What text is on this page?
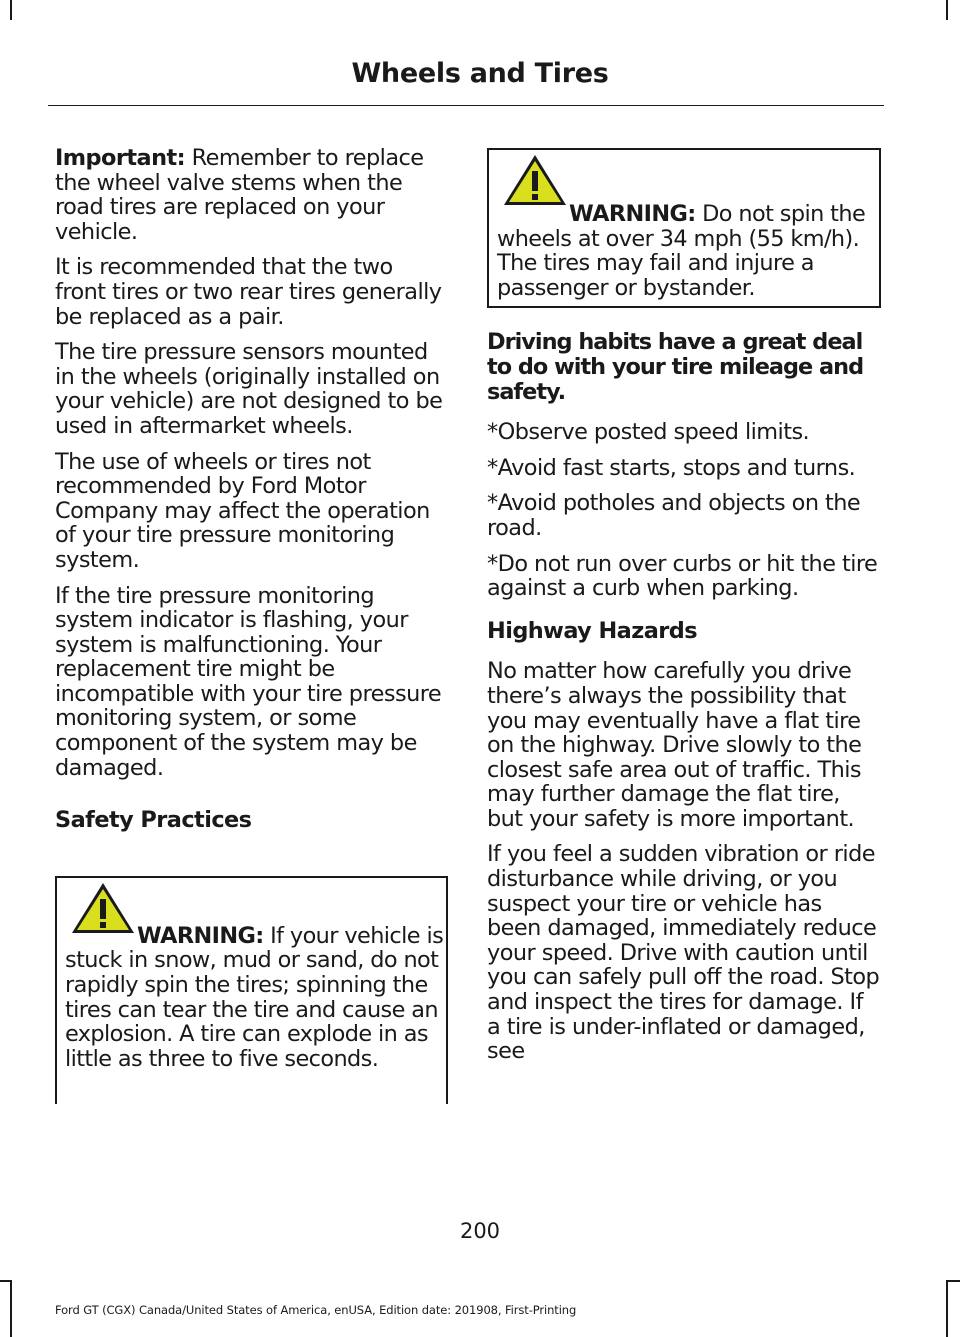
Wheels and Tires

Important: Remember to replace the wheel valve stems when the road tires are replaced on your vehicle.

It is recommended that the two front tires or two rear tires generally be replaced as a pair.

The tire pressure sensors mounted in the wheels (originally installed on your vehicle) are not designed to be used in aftermarket wheels.

The use of wheels or tires not recommended by Ford Motor Company may affect the operation of your tire pressure monitoring system.

If the tire pressure monitoring system indicator is flashing, your system is malfunctioning. Your replacement tire might be incompatible with your tire pressure monitoring system, or some component of the system may be damaged.

Safety Practices
WARNING: If your vehicle is stuck in snow, mud or sand, do not rapidly spin the tires; spinning the tires can tear the tire and cause an explosion. A tire can explode in as little as three to five seconds.
WARNING: Do not spin the wheels at over 34 mph (55 km/h). The tires may fail and injure a passenger or bystander.
Driving habits have a great deal to do with your tire mileage and safety.

*Observe posted speed limits.

*Avoid fast starts, stops and turns.

*Avoid potholes and objects on the road.

*Do not run over curbs or hit the tire against a curb when parking.

Highway Hazards

No matter how carefully you drive there’s always the possibility that you may eventually have a flat tire on the highway. Drive slowly to the closest safe area out of traffic. This may further damage the flat tire, but your safety is more important.

If you feel a sudden vibration or ride disturbance while driving, or you suspect your tire or vehicle has been damaged, immediately reduce your speed. Drive with caution until you can safely pull off the road. Stop and inspect the tires for damage. If a tire is under-inflated or damaged, see

200
Ford GT (CGX) Canada/United States of America, enUSA, Edition date: 201908, First-Printing
